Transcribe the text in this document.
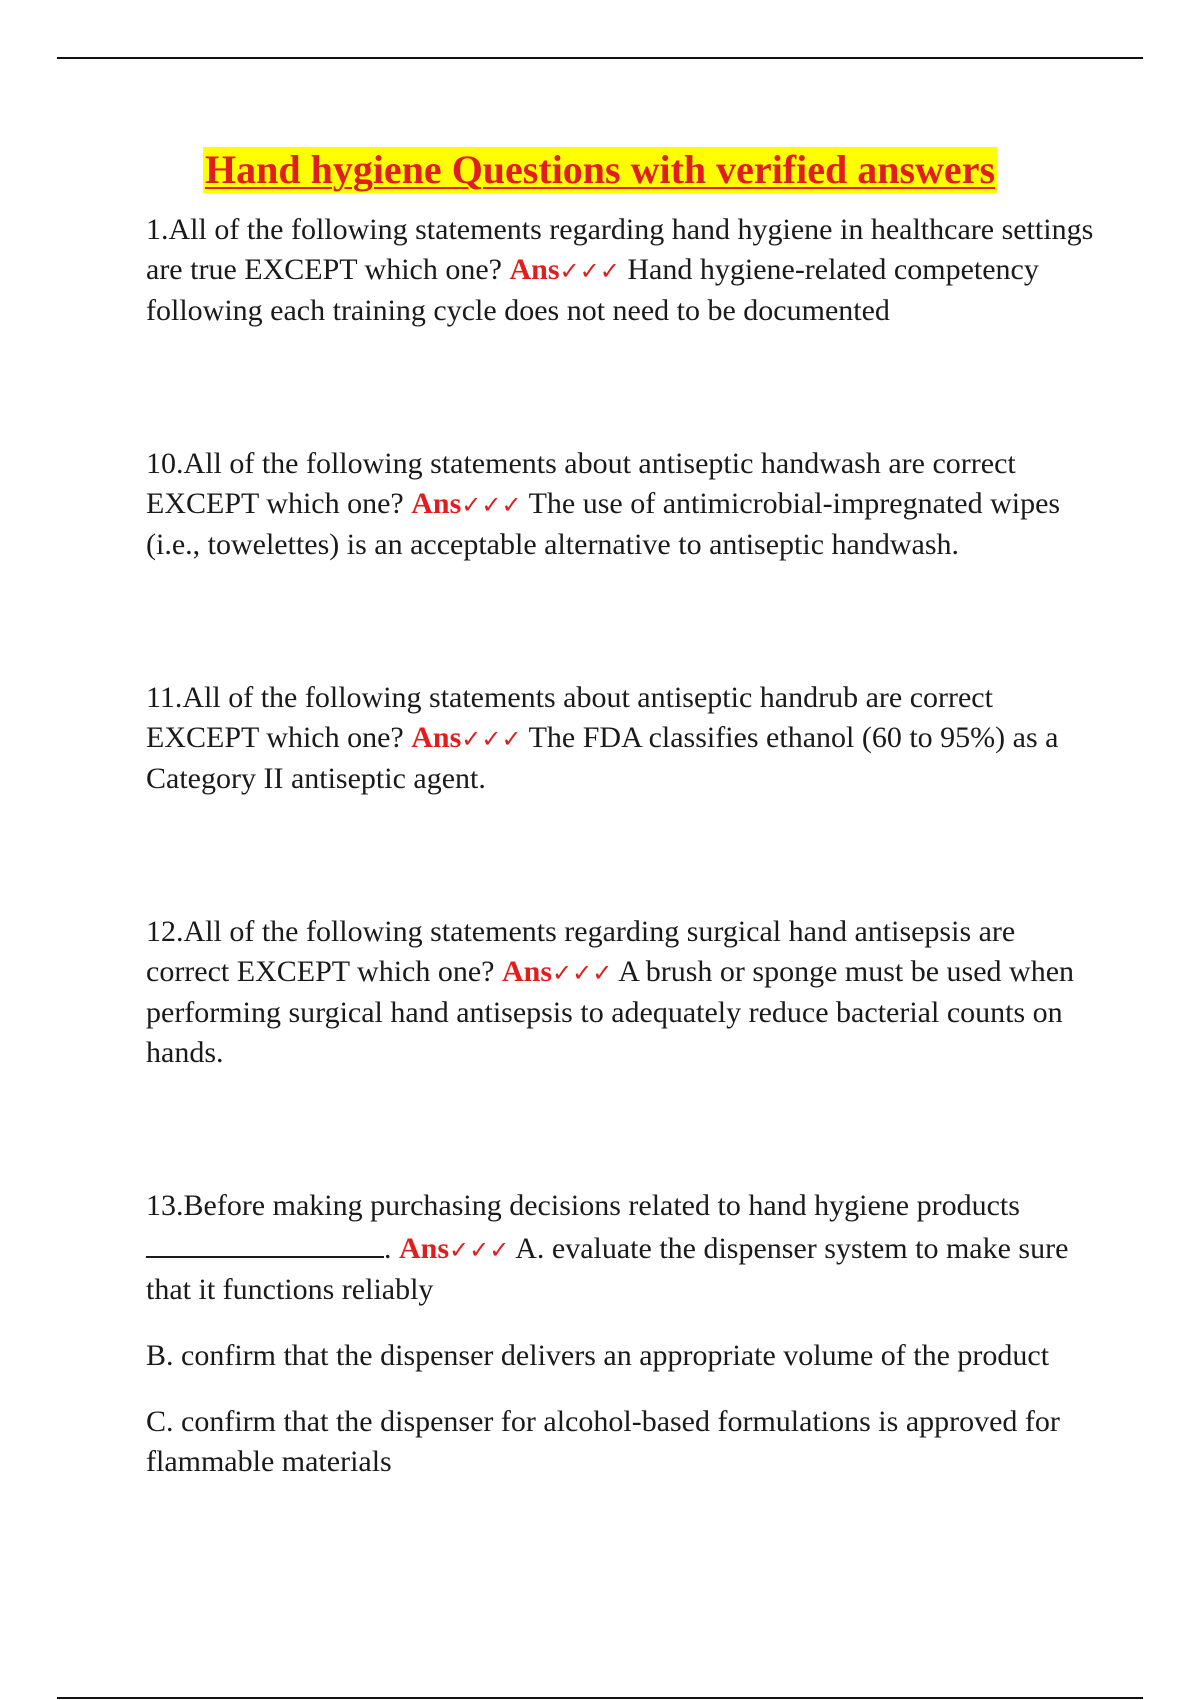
Hand hygiene Questions with verified answers

1.All of the following statements regarding hand hygiene in healthcare settings are true EXCEPT which one? Ans✓✓✓ Hand hygiene-related competency following each training cycle does not need to be documented

10.All of the following statements about antiseptic handwash are correct EXCEPT which one? Ans✓✓✓ The use of antimicrobial-impregnated wipes (i.e., towelettes) is an acceptable alternative to antiseptic handwash.

11.All of the following statements about antiseptic handrub are correct EXCEPT which one? Ans✓✓✓ The FDA classifies ethanol (60 to 95%) as a Category II antiseptic agent.

12.All of the following statements regarding surgical hand antisepsis are correct EXCEPT which one? Ans✓✓✓ A brush or sponge must be used when performing surgical hand antisepsis to adequately reduce bacterial counts on hands.

13.Before making purchasing decisions related to hand hygiene products . Ans✓✓✓ A. evaluate the dispenser system to make sure that it functions reliably

B. confirm that the dispenser delivers an appropriate volume of the product

C. confirm that the dispenser for alcohol-based formulations is approved for flammable materials
